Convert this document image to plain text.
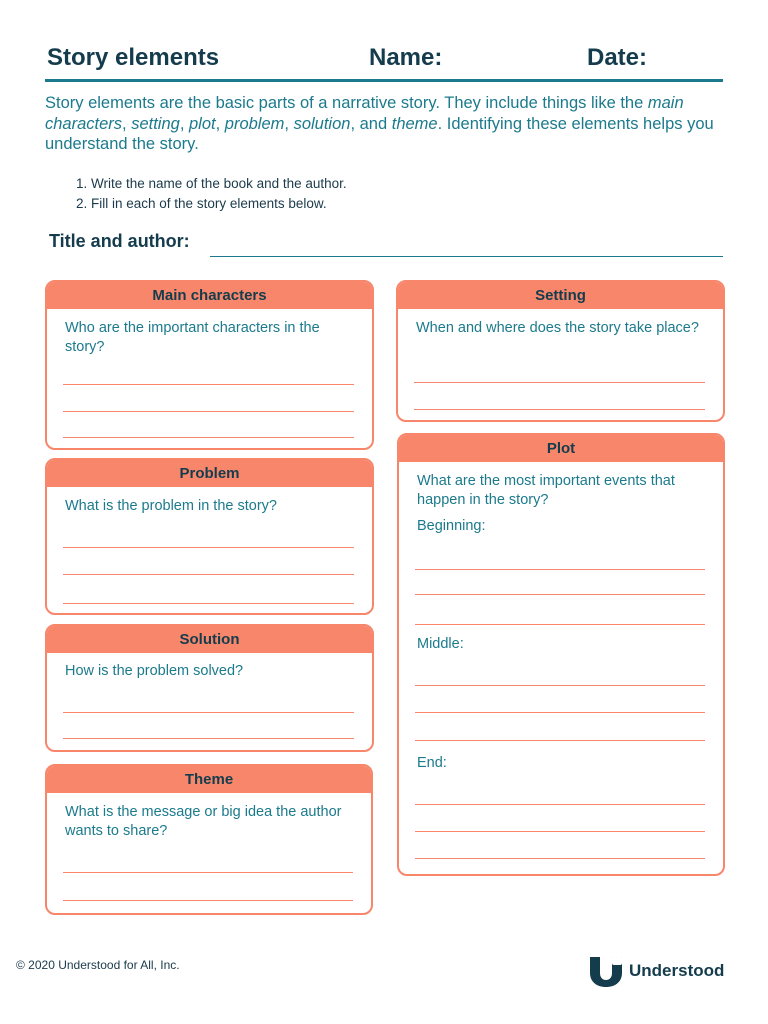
Story elements	Name:	Date:
Story elements are the basic parts of a narrative story. They include things like the main characters, setting, plot, problem, solution, and theme. Identifying these elements helps you understand the story.
1. Write the name of the book and the author.
2. Fill in each of the story elements below.
Title and author:
Main characters
Who are the important characters in the story?
Setting
When and where does the story take place?
Problem
What is the problem in the story?
Plot
What are the most important events that happen in the story?
Beginning:
Middle:
End:
Solution
How is the problem solved?
Theme
What is the message or big idea the author wants to share?
© 2020 Understood for All, Inc.	Understood
